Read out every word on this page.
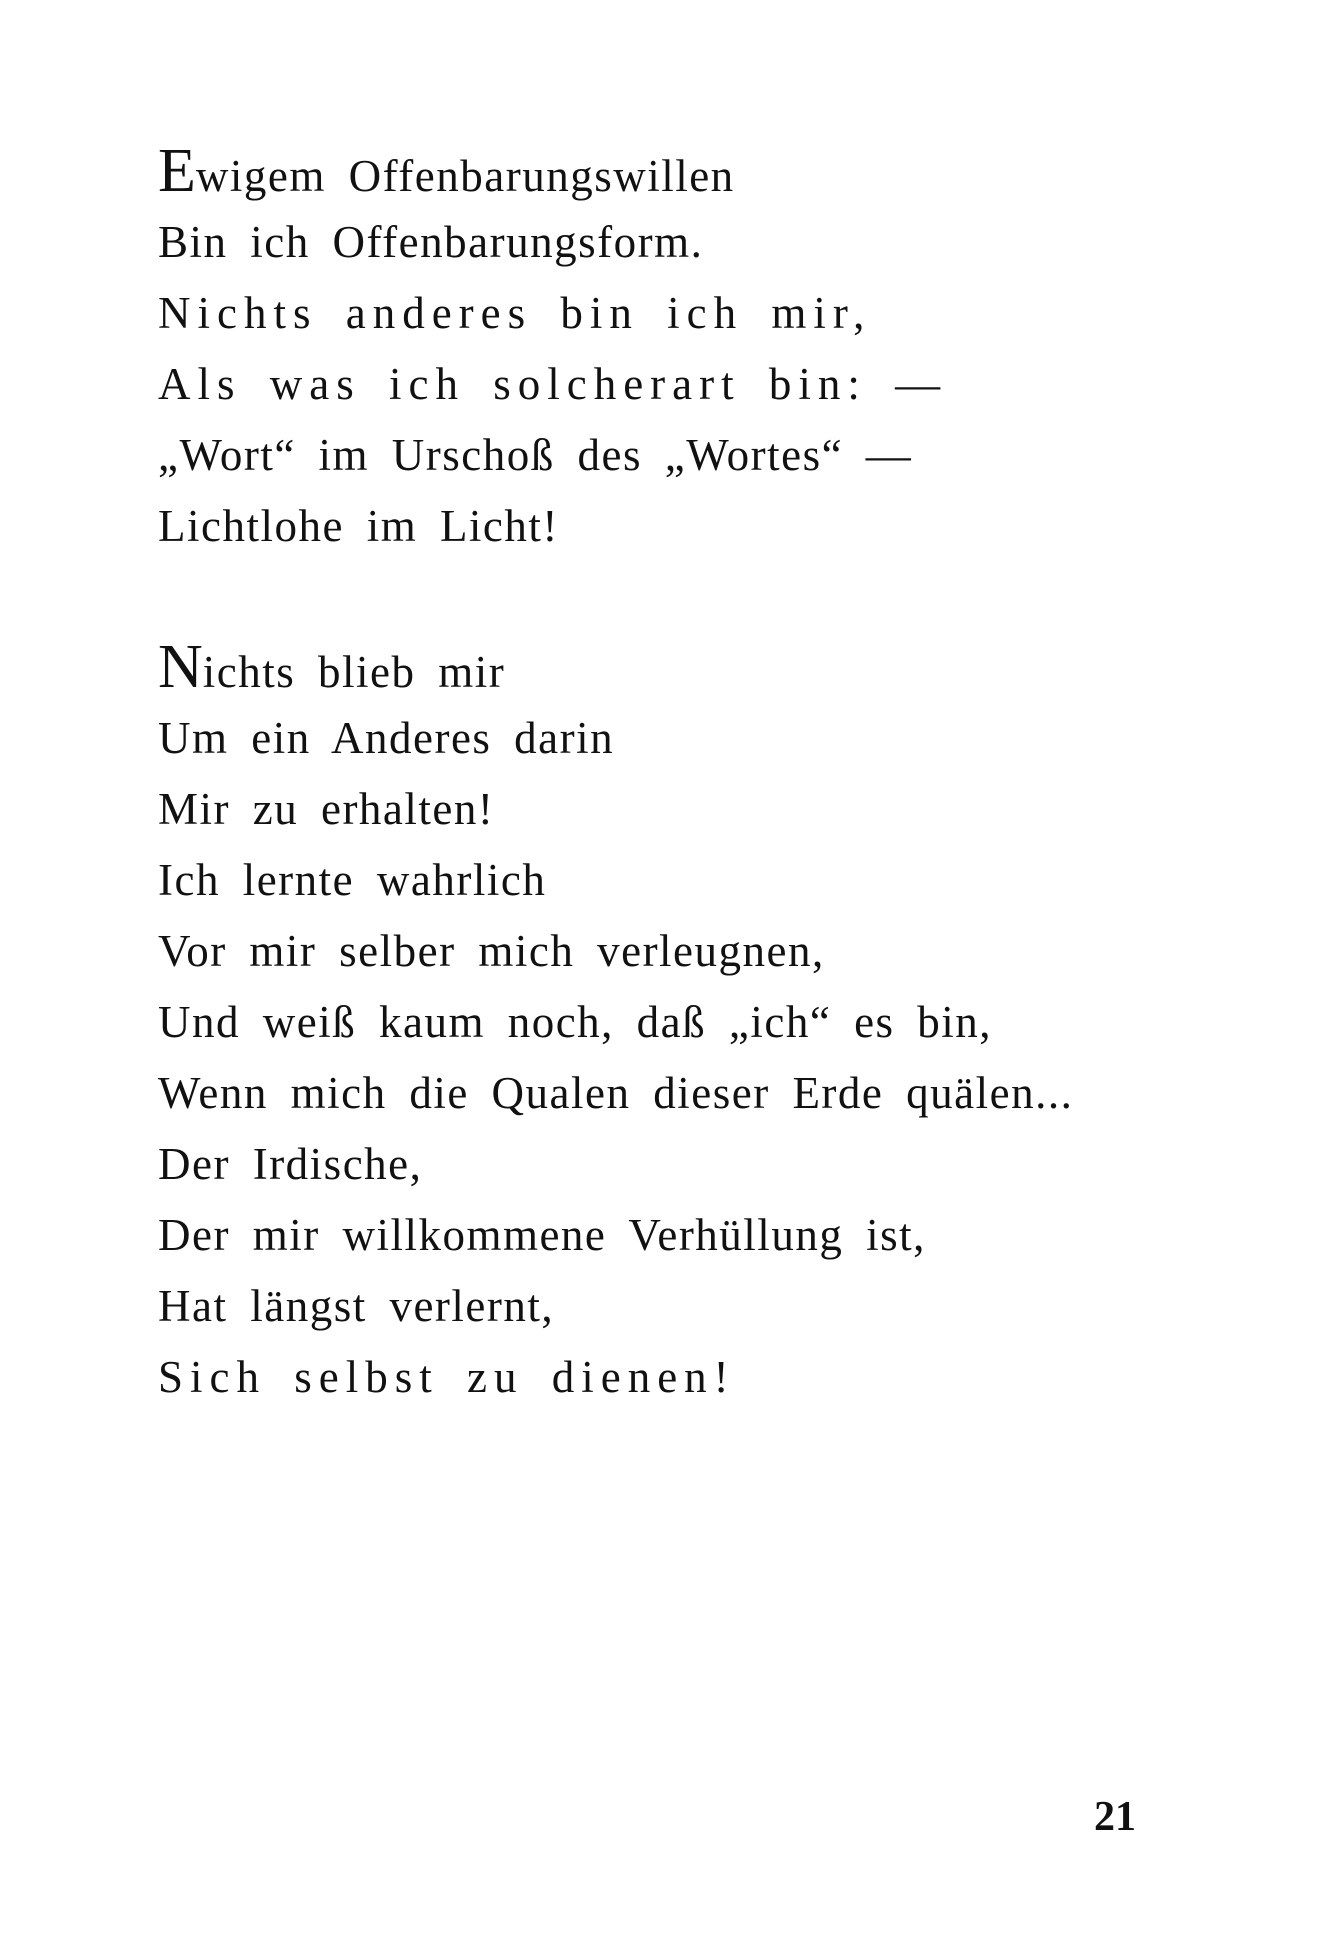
Ewigem Offenbarungswillen
Bin ich Offenbarungsform.
Nichts anderes bin ich mir,
Als was ich solcherart bin: —
„Wort“ im Urschoß des „Wortes“ —
Lichtlohe im Licht!
Nichts blieb mir
Um ein Anderes darin
Mir zu erhalten!
Ich lernte wahrlich
Vor mir selber mich verleugnen,
Und weiß kaum noch, daß „ich“ es bin,
Wenn mich die Qualen dieser Erde quälen...
Der Irdische,
Der mir willkommene Verhüllung ist,
Hat längst verlernt,
Sich selbst zu dienen!

21
